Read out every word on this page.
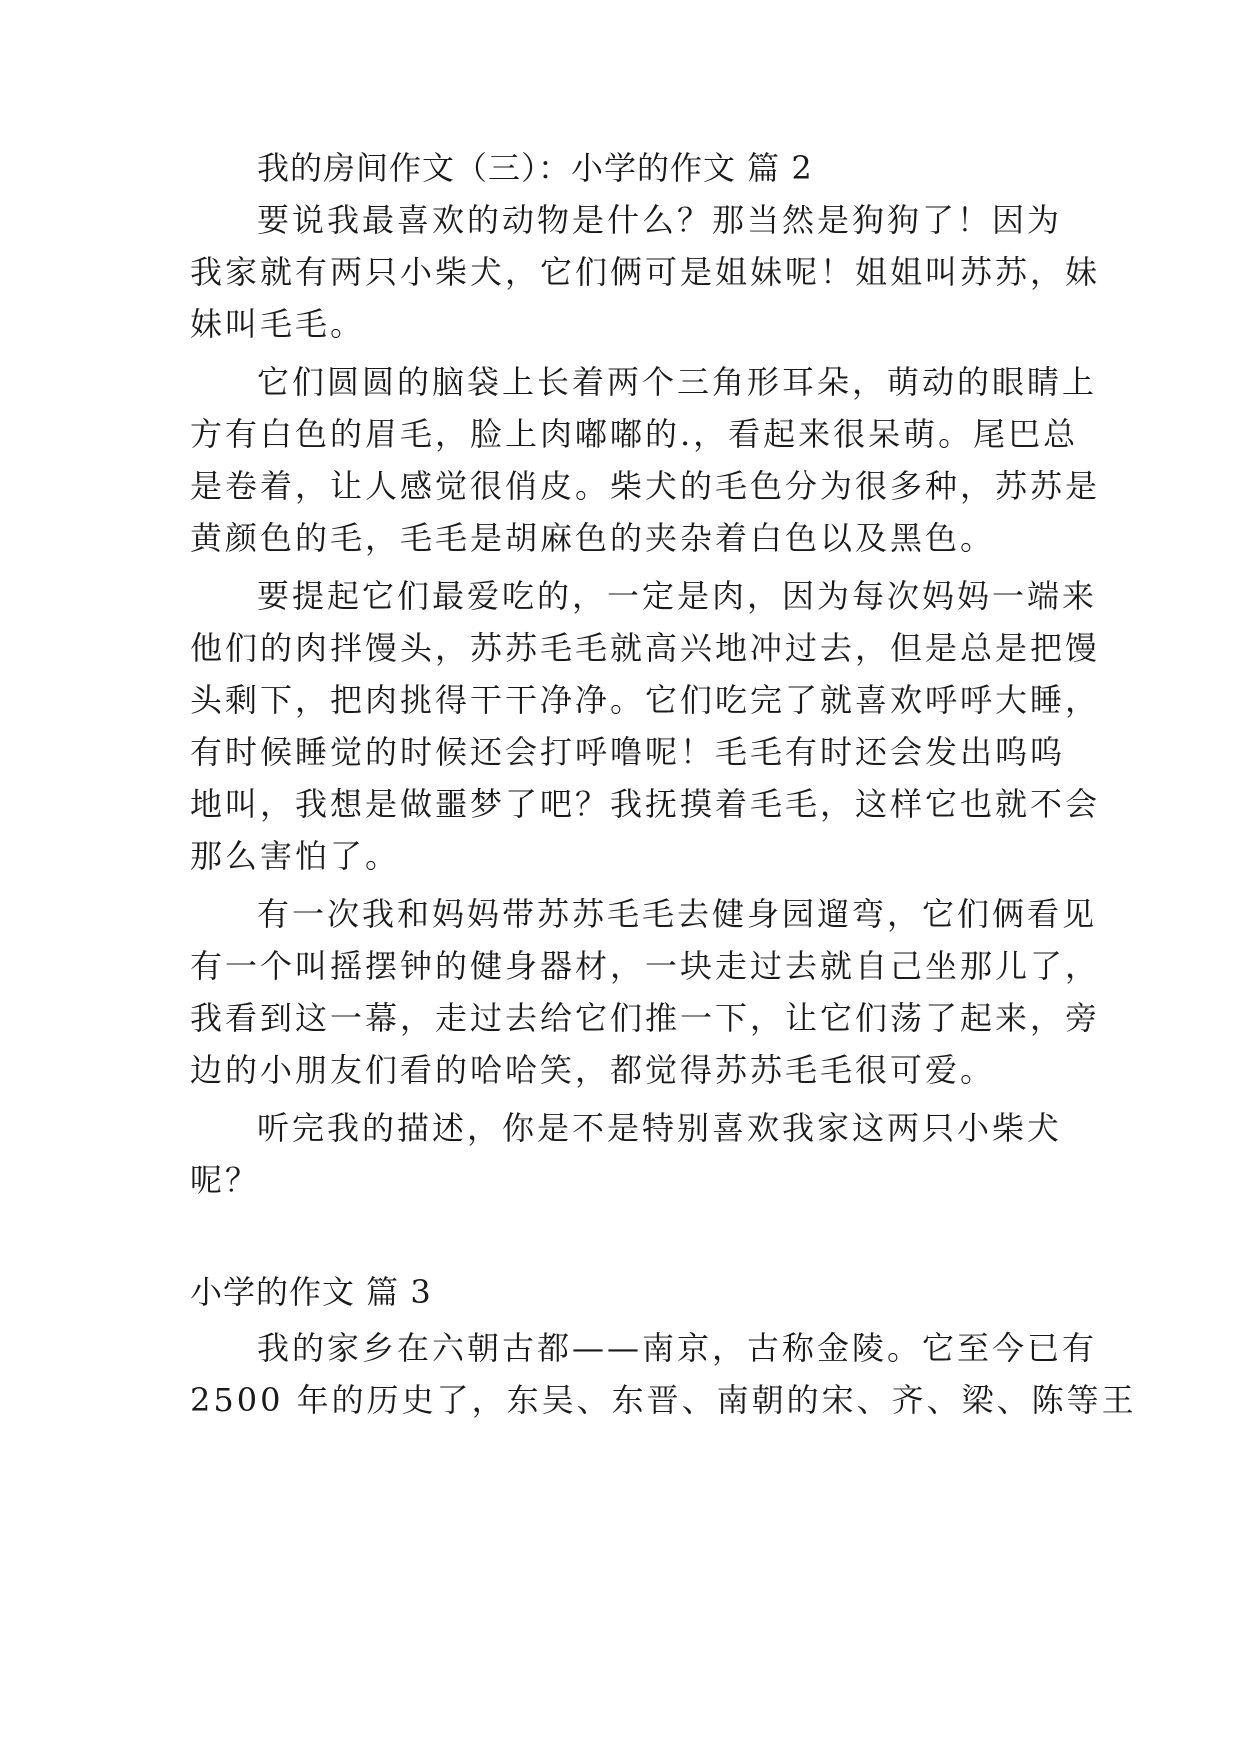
我的房间作文（三）：小学的作文 篇 2
要说我最喜欢的动物是什么？那当然是狗狗了！因为
我家就有两只小柴犬，它们俩可是姐妹呢！姐姐叫苏苏，妹
妹叫毛毛。
它们圆圆的脑袋上长着两个三角形耳朵，萌动的眼睛上
方有白色的眉毛，脸上肉嘟嘟的.，看起来很呆萌。尾巴总
是卷着，让人感觉很俏皮。柴犬的毛色分为很多种，苏苏是
黄颜色的毛，毛毛是胡麻色的夹杂着白色以及黑色。
要提起它们最爱吃的，一定是肉，因为每次妈妈一端来
他们的肉拌馒头，苏苏毛毛就高兴地冲过去，但是总是把馒
头剩下，把肉挑得干干净净。它们吃完了就喜欢呼呼大睡，
有时候睡觉的时候还会打呼噜呢！毛毛有时还会发出呜呜
地叫，我想是做噩梦了吧？我抚摸着毛毛，这样它也就不会
那么害怕了。
有一次我和妈妈带苏苏毛毛去健身园遛弯，它们俩看见
有一个叫摇摆钟的健身器材，一块走过去就自己坐那儿了，
我看到这一幕，走过去给它们推一下，让它们荡了起来，旁
边的小朋友们看的哈哈笑，都觉得苏苏毛毛很可爱。
听完我的描述，你是不是特别喜欢我家这两只小柴犬
呢？
小学的作文 篇 3
我的家乡在六朝古都——南京，古称金陵。它至今已有
2500 年的历史了，东吴、东晋、南朝的宋、齐、梁、陈等王
